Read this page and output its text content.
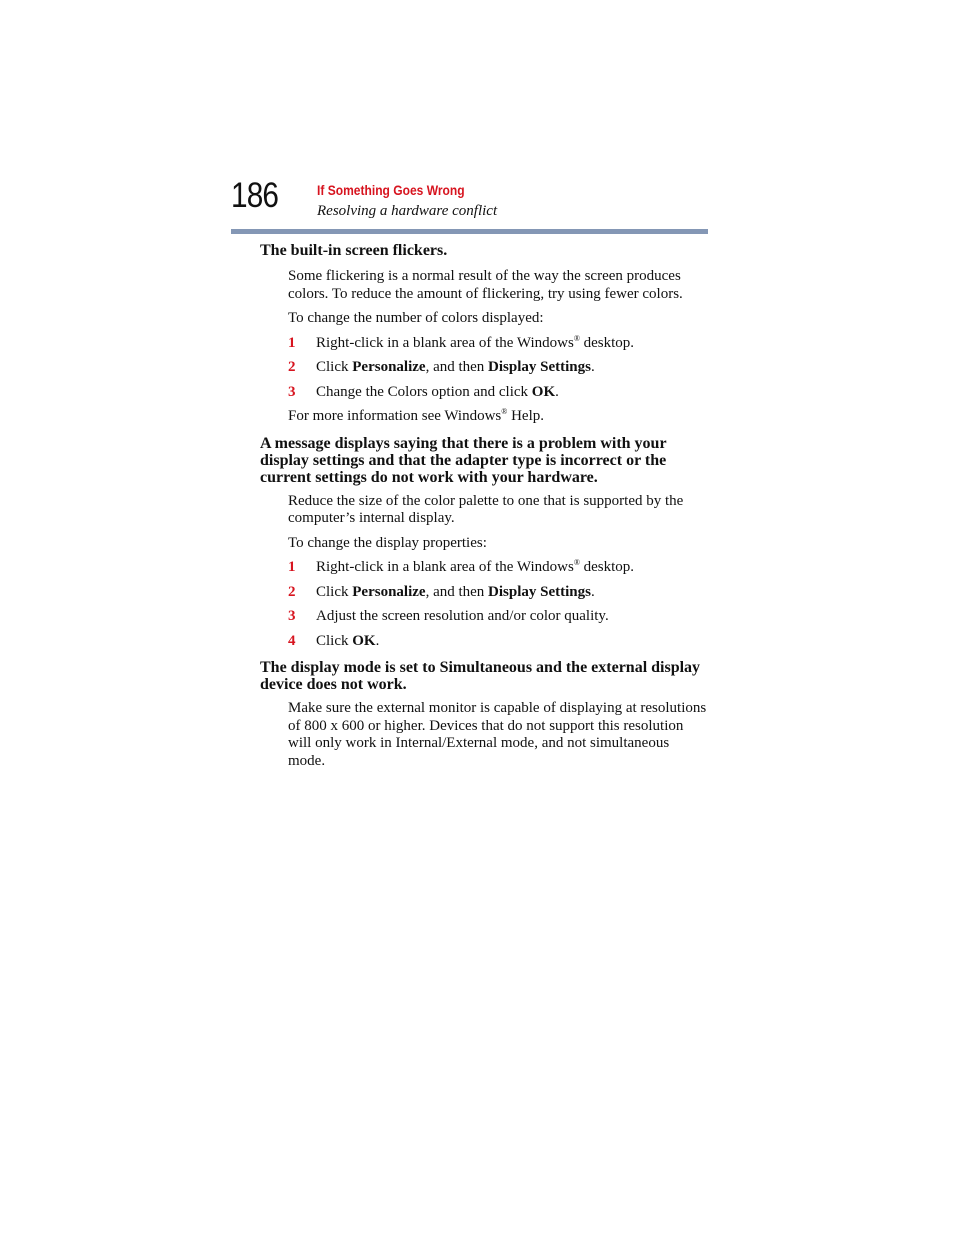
186	If Something Goes Wrong
Resolving a hardware conflict
The built-in screen flickers.

Some flickering is a normal result of the way the screen produces colors. To reduce the amount of flickering, try using fewer colors.

To change the number of colors displayed:

1 Right-click in a blank area of the Windows® desktop.
2 Click Personalize, and then Display Settings.
3 Change the Colors option and click OK.

For more information see Windows® Help.

A message displays saying that there is a problem with your display settings and that the adapter type is incorrect or the current settings do not work with your hardware.

Reduce the size of the color palette to one that is supported by the computer’s internal display.

To change the display properties:

1 Right-click in a blank area of the Windows® desktop.
2 Click Personalize, and then Display Settings.
3 Adjust the screen resolution and/or color quality.
4 Click OK.
The display mode is set to Simultaneous and the external display device does not work.

Make sure the external monitor is capable of displaying at resolutions of 800 x 600 or higher. Devices that do not support this resolution will only work in Internal/External mode, and not simultaneous mode.
